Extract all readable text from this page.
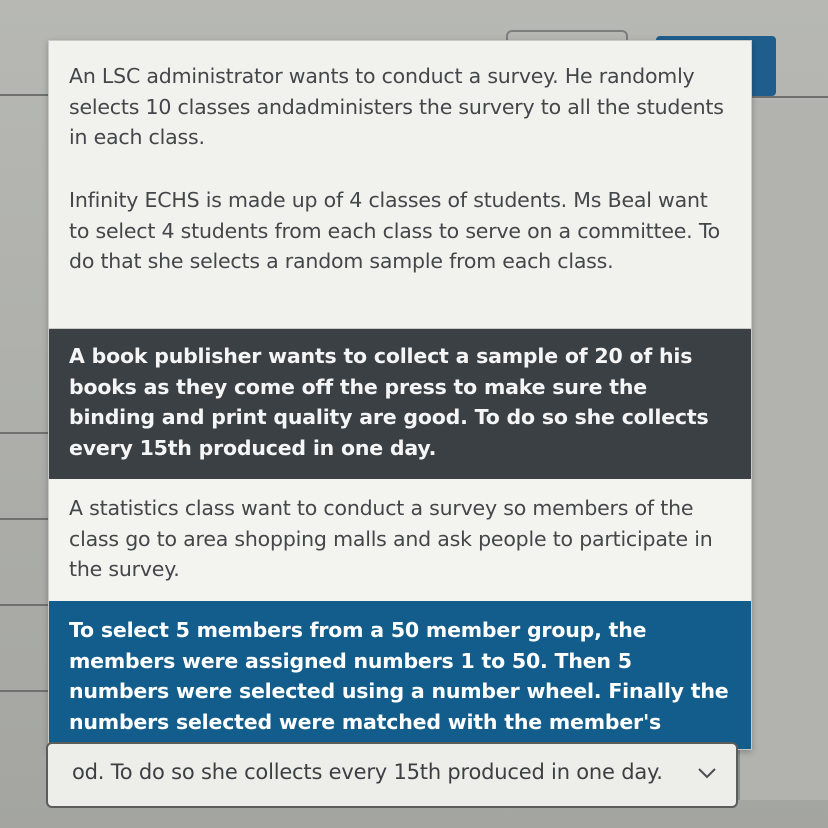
An LSC administrator wants to conduct a survey. He randomly selects 10 classes andadministers the survery to all the students in each class.
Infinity ECHS is made up of 4 classes of students. Ms Beal want to select 4 students from each class to serve on a committee. To do that she selects a random sample from each class.
A book publisher wants to collect a sample of 20 of his books as they come off the press to make sure the binding and print quality are good. To do so she collects every 15th produced in one day.
A statistics class want to conduct a survey so members of the class go to area shopping malls and ask people to participate in the survey.
To select 5 members from a 50 member group, the members were assigned numbers 1 to 50. Then 5 numbers were selected using a number wheel. Finally the numbers selected were matched with the member's
od. To do so she collects every 15th produced in one day.
